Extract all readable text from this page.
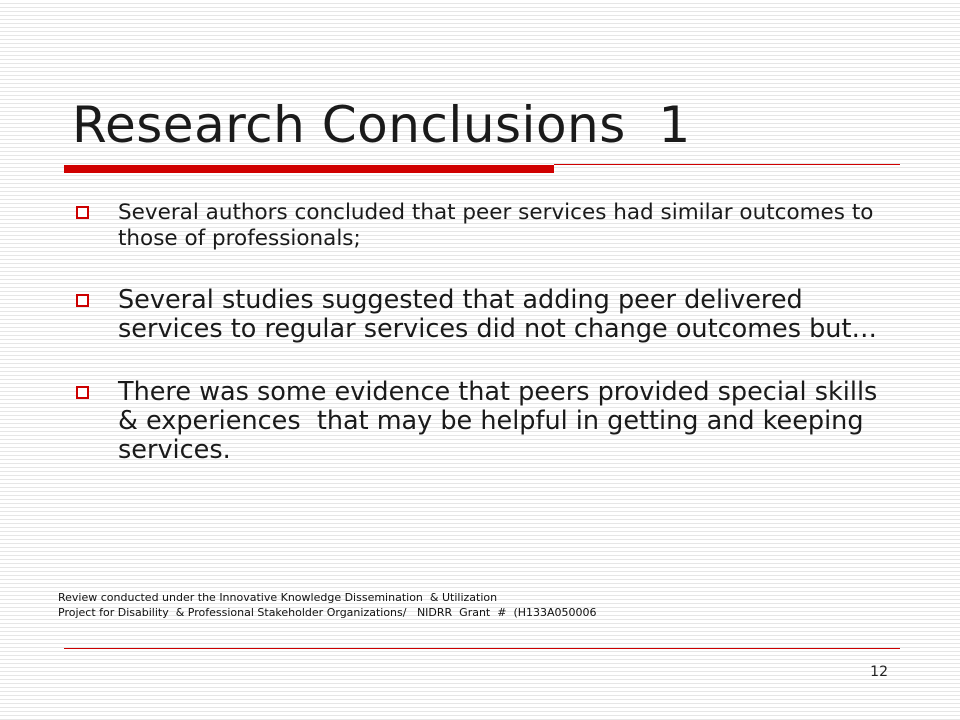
Research Conclusions  1
Several authors concluded that peer services had similar outcomes to those of professionals;
Several studies suggested that adding peer delivered services to regular services did not change outcomes but…
There was some evidence that peers provided special skills & experiences  that may be helpful in getting and keeping services.
Review conducted under the Innovative Knowledge Dissemination  & Utilization
Project for Disability  & Professional Stakeholder Organizations/   NIDRR  Grant  #  (H133A050006
12
